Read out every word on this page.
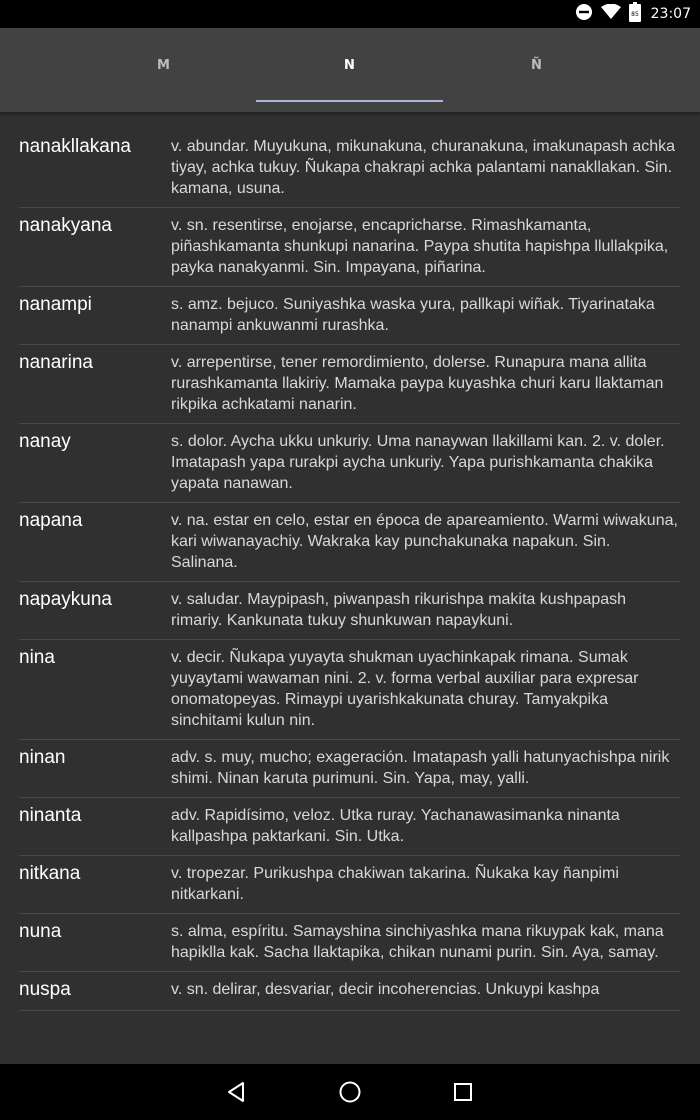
85 23:07
M	N	Ñ
nanakllakana	v. abundar. Muyukuna, mikunakuna, churanakuna, imakunapash achka tiyay, achka tukuy. Ñukapa chakrapi achka palantami nanakllakan. Sin. kamana, usuna.
nanakyana	v. sn. resentirse, enojarse, encapricharse. Rimashkamanta, piñashkamanta shunkupi nanarina. Paypa shutita hapishpa llullakpika, payka nanakyanmi. Sin. Impayana, piñarina.
nanampi	s. amz. bejuco. Suniyashka waska yura, pallkapi wiñak. Tiyarinataka nanampi ankuwanmi rurashka.
nanarina	v. arrepentirse, tener remordimiento, dolerse. Runapura mana allita rurashkamanta llakiriy. Mamaka paypa kuyashka churi karu llaktaman rikpika achkatami nanarin.
nanay	s. dolor. Aycha ukku unkuriy. Uma nanaywan llakillami kan. 2. v. doler. Imatapash yapa rurakpi aycha unkuriy. Yapa purishkamanta chakika yapata nanawan.
napana	v. na. estar en celo, estar en época de apareamiento. Warmi wiwakuna, kari wiwanayachiy. Wakraka kay punchakunaka napakun. Sin. Salinana.
napaykuna	v. saludar. Maypipash, piwanpash rikurishpa makita kushpapash rimariy. Kankunata tukuy shunkuwan napaykuni.
nina	v. decir. Ñukapa yuyayta shukman uyachinkapak rimana. Sumak yuyaytami wawaman nini. 2. v. forma verbal auxiliar para expresar onomatopeyas. Rimaypi uyarishkakunata churay. Tamyakpika sinchitami kulun nin.
ninan	adv. s. muy, mucho; exageración. Imatapash yalli hatunyachishpa nirik shimi. Ninan karuta purimuni. Sin. Yapa, may, yalli.
ninanta	adv. Rapidísimo, veloz. Utka ruray. Yachanawasimanka ninanta kallpashpa paktarkani. Sin. Utka.
nitkana	v. tropezar. Purikushpa chakiwan takarina. Ñukaka kay ñanpimi nitkarkani.
nuna	s. alma, espíritu. Samayshina sinchiyashka mana rikuypak kak, mana hapiklla kak. Sacha llaktapika, chikan nunami purin. Sin. Aya, samay.
nuspa	v. sn. delirar, desvariar, decir incoherencias. Unkuypi kashpa
